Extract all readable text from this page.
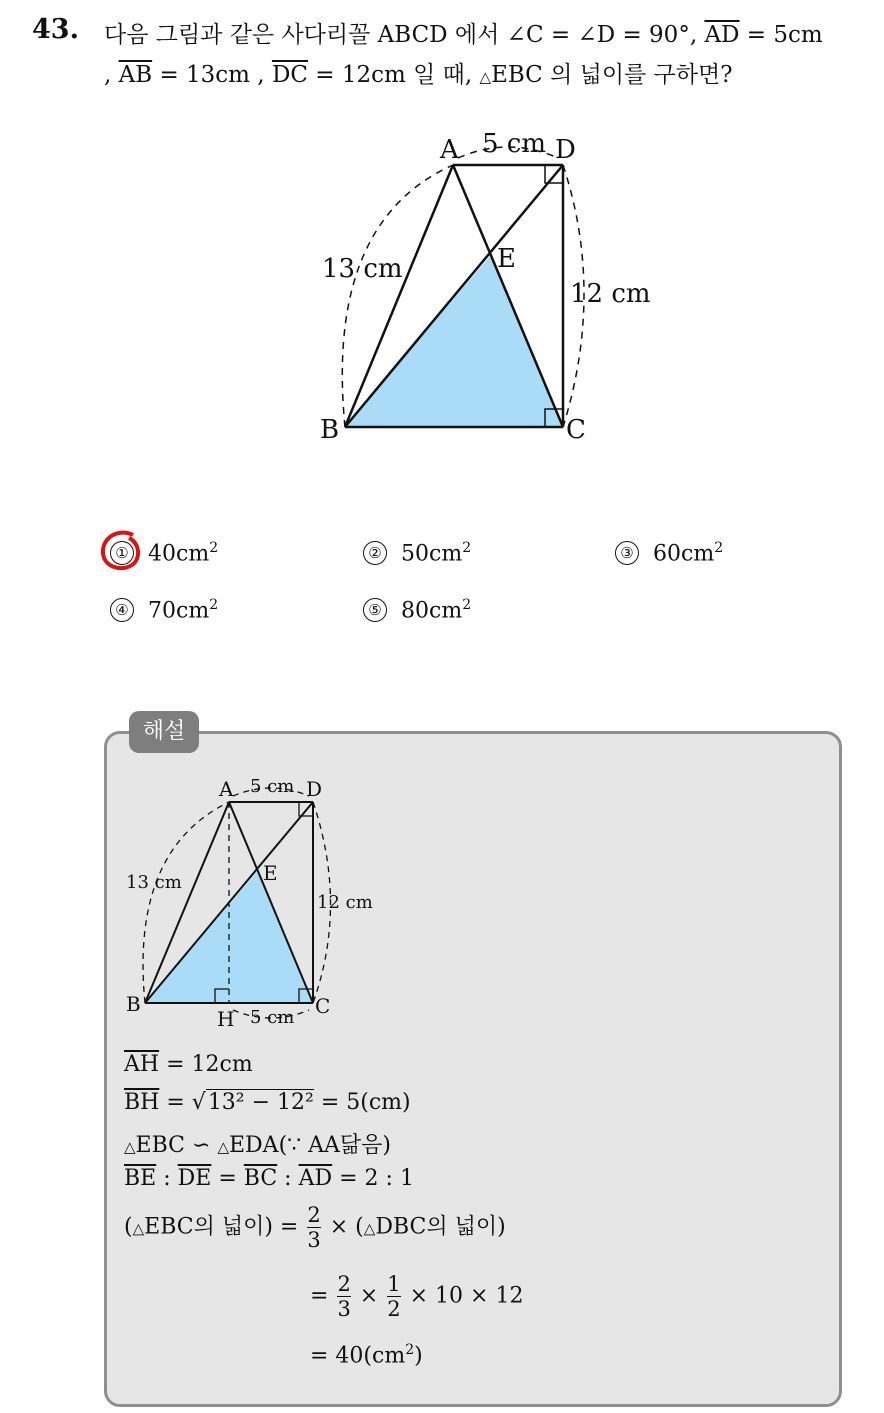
43. 다음 그림과 같은 사다리꼴 ABCD 에서 ∠C = ∠D = 90°, $\overline{AD} = 5cm$
, $\overline{AB} = 13cm$ , $\overline{DC} = 12cm$ 일 때, △EBC 의 넓이를 구하면?
A	D
B	C
E
5 cm
13 cm
12 cm
① $40cm^2$	② $50cm^2$	③ $60cm^2$
④ $70cm^2$	⑤ $80cm^2$
해설
A	D
B	C
E
H
5 cm
13 cm
12 cm
5 cm
$\overline{AH} = 12cm$
$\overline{BH} = √13^2 - 12^2 = 5(cm)$
△EBC ∽ △EDA(∵ AA닮음)
$\overline{BE}$ : $\overline{DE} = \overline{BC}$ : $\overline{AD} = 2$ : 1
(△EBC의 넓이) = $\frac{2}{3}$ × (△DBC의 넓이)
= $\frac{2}{3} \times \frac{1}{2} \times 10 \times 12$
= $40(cm^2)$
